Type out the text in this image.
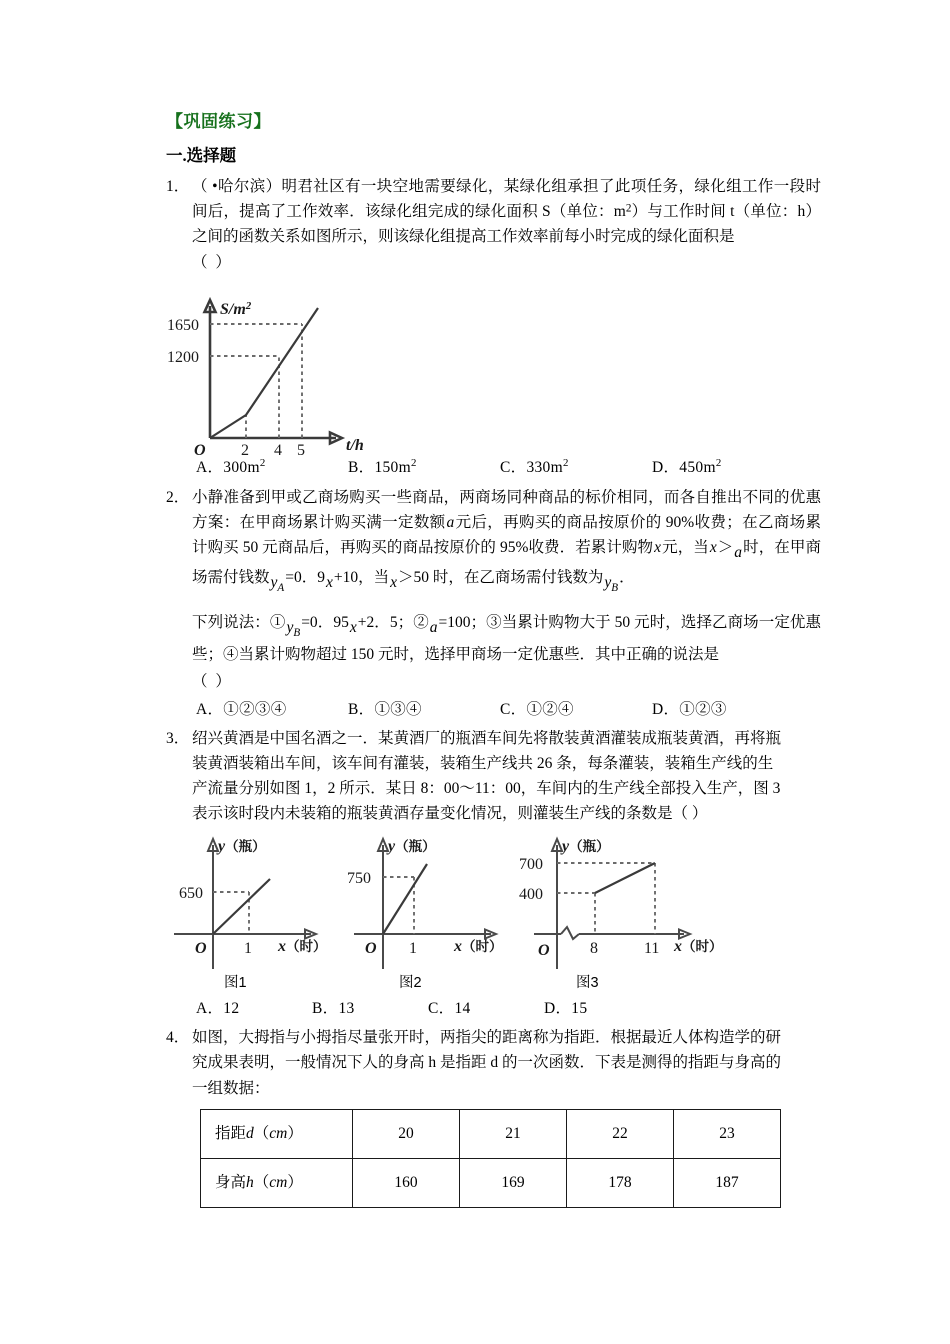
【巩固练习】
一.选择题
1． （ •哈尔滨）明君社区有一块空地需要绿化，某绿化组承担了此项任务，绿化组工作一段时间后，提高了工作效率．该绿化组完成的绿化面积 S（单位：$m^2$）与工作时间 t（单位：h）之间的函数关系如图所示，则该绿化组提高工作效率前每小时完成的绿化面积是
（ ）
$S/m^2$
1650
1200
O 2 4 5	t/h
A．$300m^2$	B．$150m^2$	C．$330m^2$	D．$450m^2$
2． 小静准备到甲或乙商场购买一些商品，两商场同种商品的标价相同，而各自推出不同的优惠方案：在甲商场累计购买满一定数额a元后，再购买的商品按原价的 90%收费；在乙商场累计购买 50 元商品后，再购买的商品按原价的 95%收费．若累计购物x元，当x＞a时，在甲商场需付钱数$y_A=0$．9x+10，当x＞50 时，在乙商场需付钱数为$y_B$．
下列说法：$①y_B=0$．95x+2．5；②a=100；③当累计购物大于 50 元时，选择乙商场一定优惠些；④当累计购物超过 150 元时，选择甲商场一定优惠些．其中正确的说法是
（ ）
A．①②③④	B．①③④	C．①②④	D．①②③
3． 绍兴黄酒是中国名酒之一．某黄酒厂的瓶酒车间先将散装黄酒灌装成瓶装黄酒，再将瓶
装黄酒装箱出车间，该车间有灌装，装箱生产线共 26 条，每条灌装，装箱生产线的生
产流量分别如图 1，2 所示．某日 8：00～11：00，车间内的生产线全部投入生产，图 3
表示该时段内未装箱的瓶装黄酒存量变化情况，则灌装生产线的条数是（ ）
y（瓶）
650
O 1 x（时）
图1
y（瓶）
750
O 1 x（时）
图2
y（瓶）
700
400
O	8	11 x（时）
图3
A．12	B．13	C．14	D．15
4． 如图，大拇指与小拇指尽量张开时，两指尖的距离称为指距．根据最近人体构造学的研
究成果表明，一般情况下人的身高 h 是指距 d 的一次函数．下表是测得的指距与身高的
一组数据：
指距d（cm）	20	21	22	23
身高h（cm）	160	169	178	187
